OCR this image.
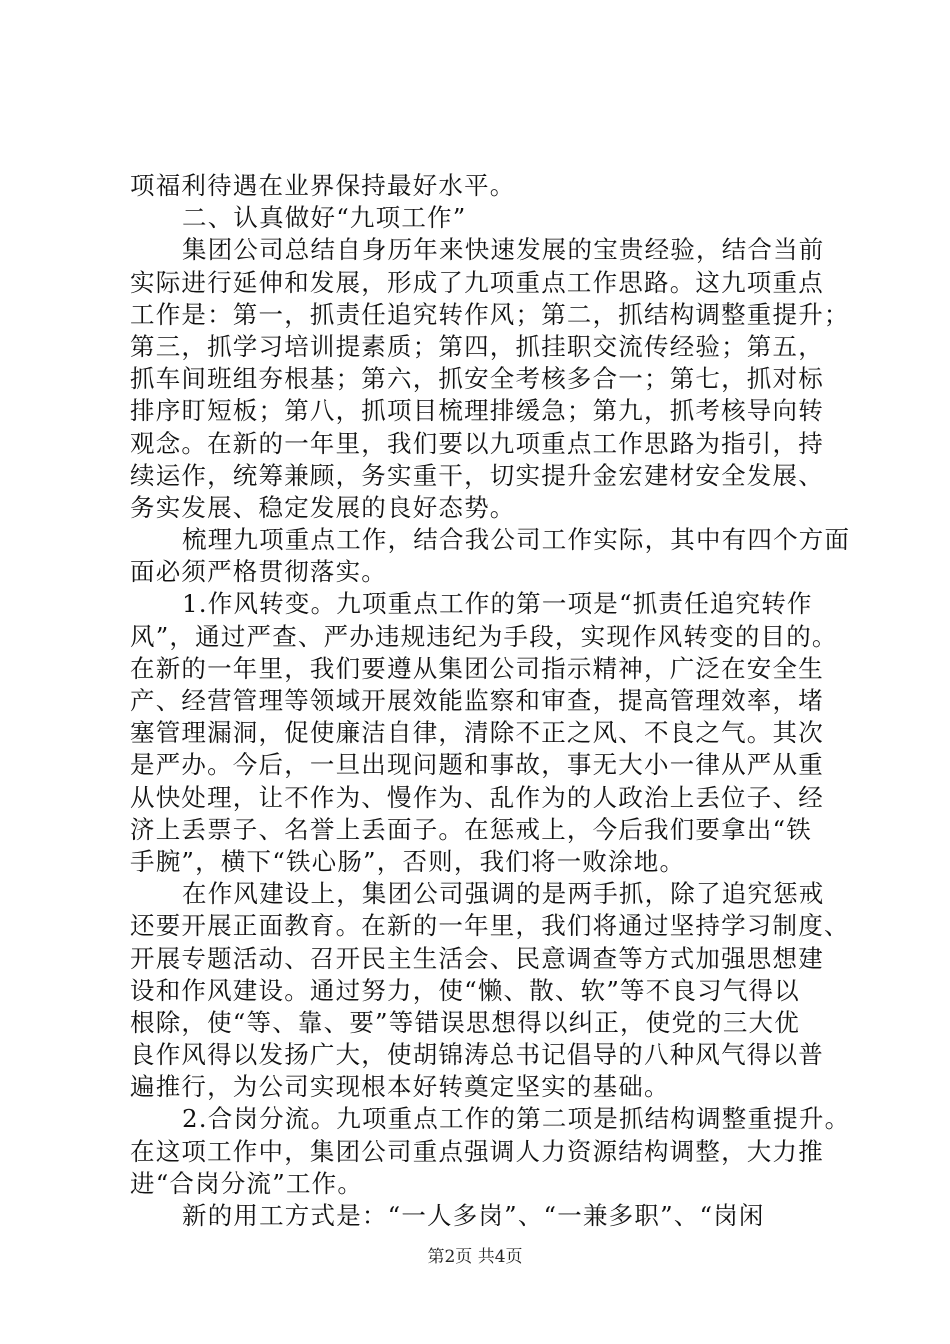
项福利待遇在业界保持最好水平。
二、认真做好“九项工作”
集团公司总结自身历年来快速发展的宝贵经验，结合当前
实际进行延伸和发展，形成了九项重点工作思路。这九项重点
工作是：第一，抓责任追究转作风；第二，抓结构调整重提升；
第三，抓学习培训提素质；第四，抓挂职交流传经验；第五，
抓车间班组夯根基；第六，抓安全考核多合一；第七，抓对标
排序盯短板；第八，抓项目梳理排缓急；第九，抓考核导向转
观念。在新的一年里，我们要以九项重点工作思路为指引，持
续运作，统筹兼顾，务实重干，切实提升金宏建材安全发展、
务实发展、稳定发展的良好态势。
梳理九项重点工作，结合我公司工作实际，其中有四个方面
面必须严格贯彻落实。
1.作风转变。九项重点工作的第一项是“抓责任追究转作
风”，通过严查、严办违规违纪为手段，实现作风转变的目的。
在新的一年里，我们要遵从集团公司指示精神，广泛在安全生
产、经营管理等领域开展效能监察和审查，提高管理效率，堵
塞管理漏洞，促使廉洁自律，清除不正之风、不良之气。其次
是严办。今后，一旦出现问题和事故，事无大小一律从严从重
从快处理，让不作为、慢作为、乱作为的人政治上丢位子、经
济上丢票子、名誉上丢面子。在惩戒上，今后我们要拿出“铁
手腕”，横下“铁心肠”，否则，我们将一败涂地。
在作风建设上，集团公司强调的是两手抓，除了追究惩戒
还要开展正面教育。在新的一年里，我们将通过坚持学习制度、
开展专题活动、召开民主生活会、民意调查等方式加强思想建
设和作风建设。通过努力，使“懒、散、软”等不良习气得以
根除，使“等、靠、要”等错误思想得以纠正，使党的三大优
良作风得以发扬广大，使胡锦涛总书记倡导的八种风气得以普
遍推行，为公司实现根本好转奠定坚实的基础。
2.合岗分流。九项重点工作的第二项是抓结构调整重提升。
在这项工作中，集团公司重点强调人力资源结构调整，大力推
进“合岗分流”工作。
新的用工方式是：“一人多岗”、“一兼多职”、“岗闲
第2页 共4页
